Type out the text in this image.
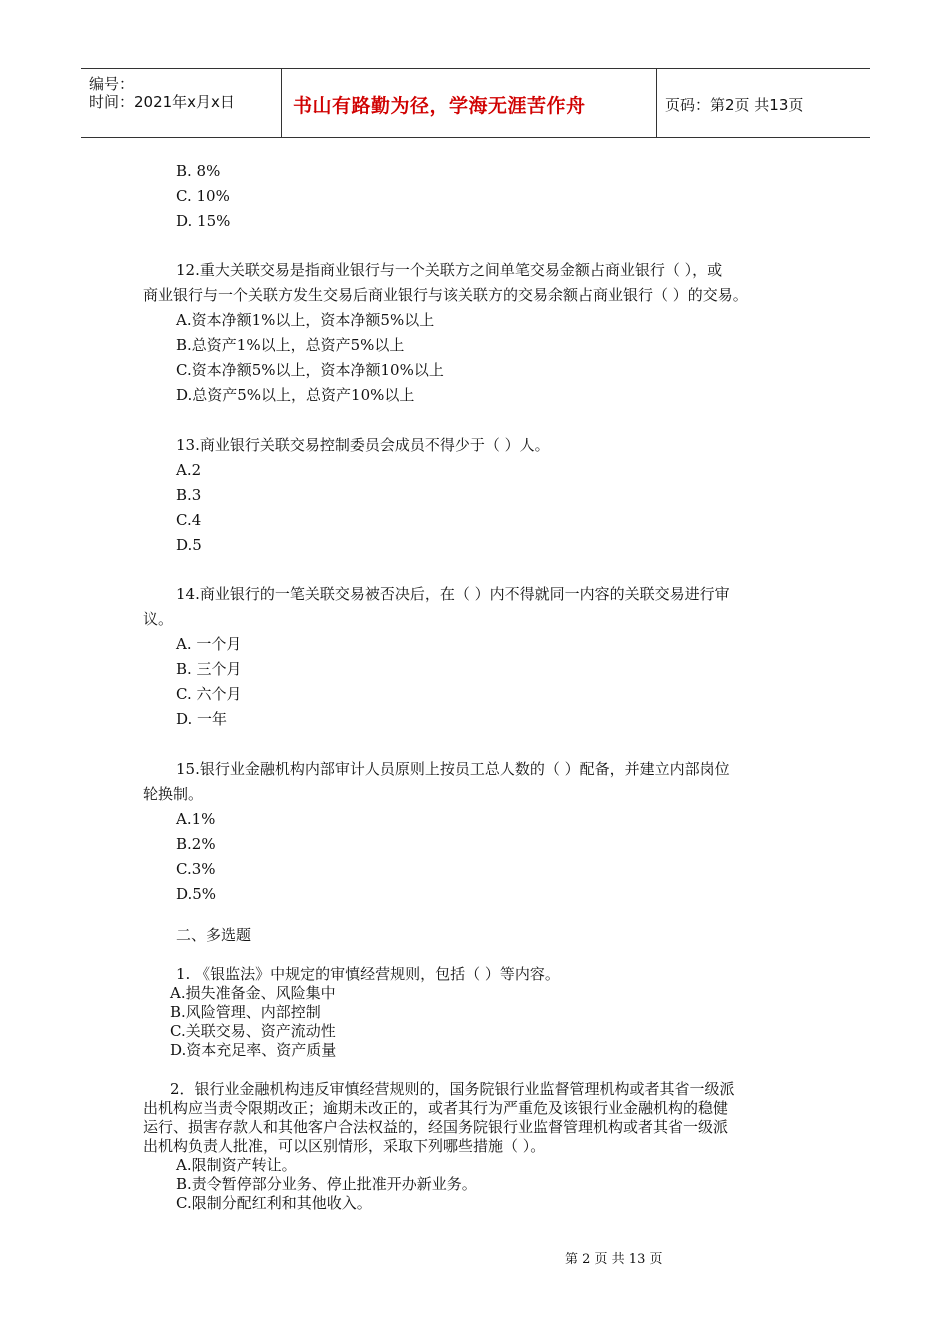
编号：
时间：2021年x月x日	书山有路勤为径，学海无涯苦作舟	页码：第2页 共13页
B. 8%
C. 10%
D. 15%
12.重大关联交易是指商业银行与一个关联方之间单笔交易金额占商业银行（ ），或
商业银行与一个关联方发生交易后商业银行与该关联方的交易余额占商业银行（ ）的交易。
A.资本净额1%以上，资本净额5%以上
B.总资产1%以上，总资产5%以上
C.资本净额5%以上，资本净额10%以上
D.总资产5%以上，总资产10%以上
13.商业银行关联交易控制委员会成员不得少于（ ）人。
A.2
B.3
C.4
D.5
14.商业银行的一笔关联交易被否决后，在（ ）内不得就同一内容的关联交易进行审
议。
A. 一个月
B. 三个月
C. 六个月
D. 一年
15.银行业金融机构内部审计人员原则上按员工总人数的（ ）配备，并建立内部岗位
轮换制。
A.1%
B.2%
C.3%
D.5%
二、多选题
1. 《银监法》中规定的审慎经营规则，包括（ ）等内容。
A.损失准备金、风险集中
B.风险管理、内部控制
C.关联交易、资产流动性
D.资本充足率、资产质量
2．银行业金融机构违反审慎经营规则的，国务院银行业监督管理机构或者其省一级派
出机构应当责令限期改正；逾期未改正的，或者其行为严重危及该银行业金融机构的稳健
运行、损害存款人和其他客户合法权益的，经国务院银行业监督管理机构或者其省一级派
出机构负责人批准，可以区别情形，采取下列哪些措施（ ）。
A.限制资产转让。
B.责令暂停部分业务、停止批准开办新业务。
C.限制分配红利和其他收入。
第 2 页 共 13 页
